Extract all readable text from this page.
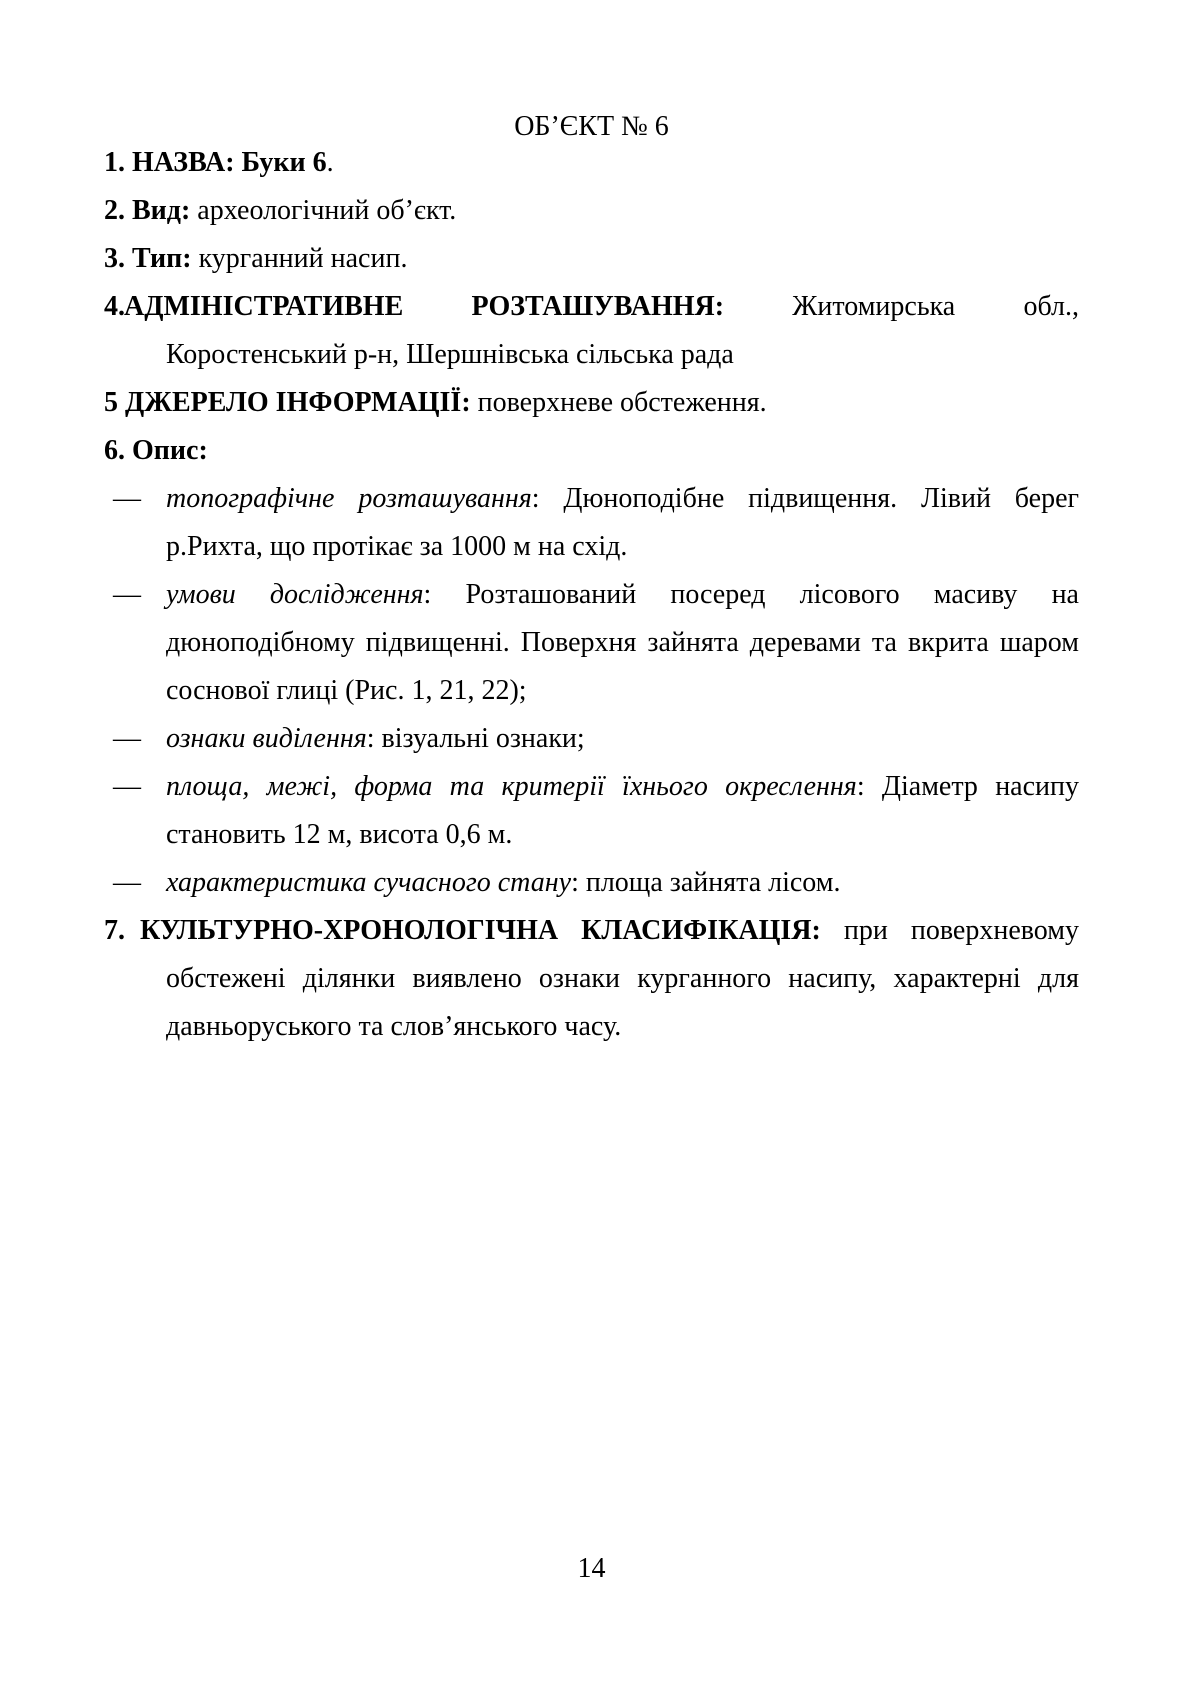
ОБ’ЄКТ № 6
1. НАЗВА: Буки 6.
2. Вид: археологічний об’єкт.
3. Тип: курганний насип.
4. АДМІНІСТРАТИВНЕ РОЗТАШУВАННЯ: Житомирська обл.,
Коростенський р-н, Шершнівська сільська рада
5 ДЖЕРЕЛО ІНФОРМАЦІЇ: поверхневе обстеження.
6. Опис:
— топографічне розташування: Дюноподібне підвищення. Лівий берег
р.Рихта, що протікає за 1000 м на схід.
— умови дослідження: Розташований посеред лісового масиву на
дюноподібному підвищенні. Поверхня зайнята деревами та вкрита шаром
соснової глиці (Рис. 1, 21, 22);
— ознаки виділення: візуальні ознаки;
— площа, межі, форма та критерії їхнього окреслення: Діаметр насипу
становить 12 м, висота 0,6 м.
— характеристика сучасного стану: площа зайнята лісом.
7. КУЛЬТУРНО-ХРОНОЛОГІЧНА КЛАСИФІКАЦІЯ: при поверхневому
обстежені ділянки виявлено ознаки курганного насипу, характерні для
давньоруського та слов’янського часу.
14
